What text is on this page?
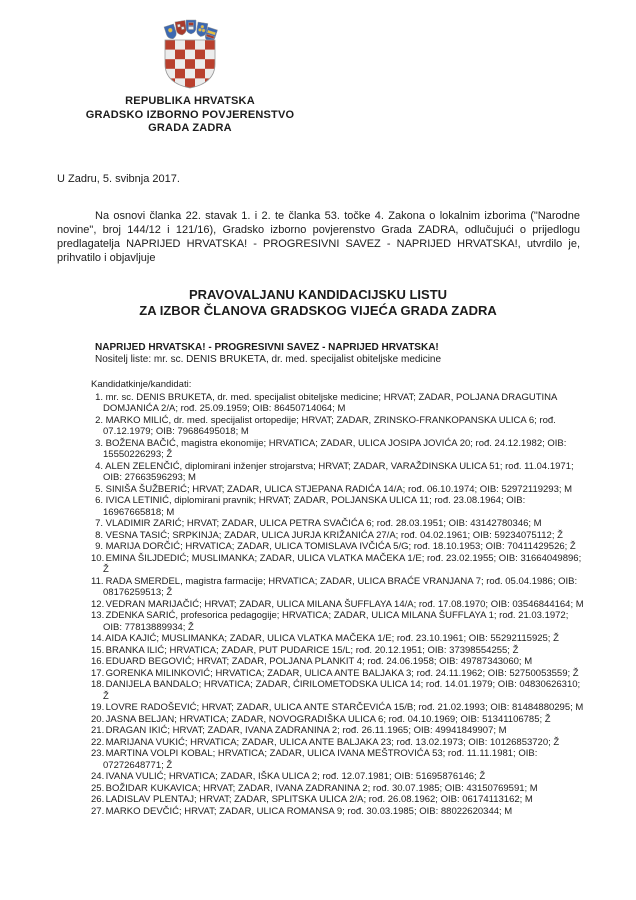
REPUBLIKA HRVATSKA
GRADSKO IZBORNO POVJERENSTVO
GRADA ZADRA
U Zadru, 5. svibnja 2017.

Na osnovi članka 22. stavak 1. i 2. te članka 53. točke 4. Zakona o lokalnim izborima ("Narodne novine", broj 144/12 i 121/16), Gradsko izborno povjerenstvo Grada ZADRA, odlučujući o prijedlogu predlagatelja NAPRIJED HRVATSKA! - PROGRESIVNI SAVEZ - NAPRIJED HRVATSKA!, utvrdilo je, prihvatilo i objavljuje

PRAVOVALJANU KANDIDACIJSKU LISTU
ZA IZBOR ČLANOVA GRADSKOG VIJEĆA GRADA ZADRA
NAPRIJED HRVATSKA! - PROGRESIVNI SAVEZ - NAPRIJED HRVATSKA!
Nositelj liste: mr. sc. DENIS BRUKETA, dr. med. specijalist obiteljske medicine
Kandidatkinje/kandidati:
1. mr. sc. DENIS BRUKETA, dr. med. specijalist obiteljske medicine; HRVAT; ZADAR, POLJANA DRAGUTINA DOMJANIĆA 2/A; rođ. 25.09.1959; OIB: 86450714064; M
2. MARKO MILIĆ, dr. med. specijalist ortopedije; HRVAT; ZADAR, ZRINSKO-FRANKOPANSKA ULICA 6; rođ. 07.12.1979; OIB: 79686495018; M
3. BOŽENA BAČIĆ, magistra ekonomije; HRVATICA; ZADAR, ULICA JOSIPA JOVIĆA 20; rođ. 24.12.1982; OIB: 15550226293; Ž
4. ALEN ZELENČIĆ, diplomirani inženjer strojarstva; HRVAT; ZADAR, VARAŽDINSKA ULICA 51; rođ. 11.04.1971; OIB: 27663596293; M
5. SINIŠA ŠUŽBERIĆ; HRVAT; ZADAR, ULICA STJEPANA RADIĆA 14/A; rođ. 06.10.1974; OIB: 52972119293; M
6. IVICA LETINIĆ, diplomirani pravnik; HRVAT; ZADAR, POLJANSKA ULICA 11; rođ. 23.08.1964; OIB: 16967665818; M
7. VLADIMIR ZARIĆ; HRVAT; ZADAR, ULICA PETRA SVAČIĆA 6; rođ. 28.03.1951; OIB: 43142780346; M
8. VESNA TASIĆ; SRPKINJA; ZADAR, ULICA JURJA KRIŽANIĆA 27/A; rođ. 04.02.1961; OIB: 59234075112; Ž
9. MARIJA DORČIĆ; HRVATICA; ZADAR, ULICA TOMISLAVA IVČIĆA 5/G; rođ. 18.10.1953; OIB: 70411429526; Ž
10. EMINA ŠILJDEDIĆ; MUSLIMANKA; ZADAR, ULICA VLATKA MAČEKA 1/E; rođ. 23.02.1955; OIB: 31664049896; Ž
11. RADA SMERDEL, magistra farmacije; HRVATICA; ZADAR, ULICA BRAĆE VRANJANA 7; rođ. 05.04.1986; OIB: 08176259513; Ž
12. VEDRAN MARIJAČIĆ; HRVAT; ZADAR, ULICA MILANA ŠUFFLAYA 14/A; rođ. 17.08.1970; OIB: 03546844164; M
13. ZDENKA SARIĆ, profesorica pedagogije; HRVATICA; ZADAR, ULICA MILANA ŠUFFLAYA 1; rođ. 21.03.1972; OIB: 77813889934; Ž
14. AIDA KAJIĆ; MUSLIMANKA; ZADAR, ULICA VLATKA MAČEKA 1/E; rođ. 23.10.1961; OIB: 55292115925; Ž
15. BRANKA ILIĆ; HRVATICA; ZADAR, PUT PUDARICE 15/L; rođ. 20.12.1951; OIB: 37398554255; Ž
16. EDUARD BEGOVIĆ; HRVAT; ZADAR, POLJANA PLANKIT 4; rođ. 24.06.1958; OIB: 49787343060; M
17. GORENKA MILINKOVIĆ; HRVATICA; ZADAR, ULICA ANTE BALJAKA 3; rođ. 24.11.1962; OIB: 52750053559; Ž
18. DANIJELA BANDALO; HRVATICA; ZADAR, ĆIRILOMETODSKA ULICA 14; rođ. 14.01.1979; OIB: 04830626310; Ž
19. LOVRE RADOŠEVIĆ; HRVAT; ZADAR, ULICA ANTE STARČEVIĆA 15/B; rođ. 21.02.1993; OIB: 81484880295; M
20. JASNA BELJAN; HRVATICA; ZADAR, NOVOGRADIŠKA ULICA 6; rođ. 04.10.1969; OIB: 51341106785; Ž
21. DRAGAN IKIĆ; HRVAT; ZADAR, IVANA ZADRANINA 2; rođ. 26.11.1965; OIB: 49941849907; M
22. MARIJANA VUKIĆ; HRVATICA; ZADAR, ULICA ANTE BALJAKA 23; rođ. 13.02.1973; OIB: 10126853720; Ž
23. MARTINA VOLPI KOBAL; HRVATICA; ZADAR, ULICA IVANA MEŠTROVIĆA 53; rođ. 11.11.1981; OIB: 07272648771; Ž
24. IVANA VULIĆ; HRVATICA; ZADAR, IŠKA ULICA 2; rođ. 12.07.1981; OIB: 51695876146; Ž
25. BOŽIDAR KUKAVICA; HRVAT; ZADAR, IVANA ZADRANINA 2; rođ. 30.07.1985; OIB: 43150769591; M
26. LADISLAV PLENTAJ; HRVAT; ZADAR, SPLITSKA ULICA 2/A; rođ. 26.08.1962; OIB: 06174113162; M
27. MARKO DEVČIĆ; HRVAT; ZADAR, ULICA ROMANSA 9; rođ. 30.03.1985; OIB: 88022620344; M
